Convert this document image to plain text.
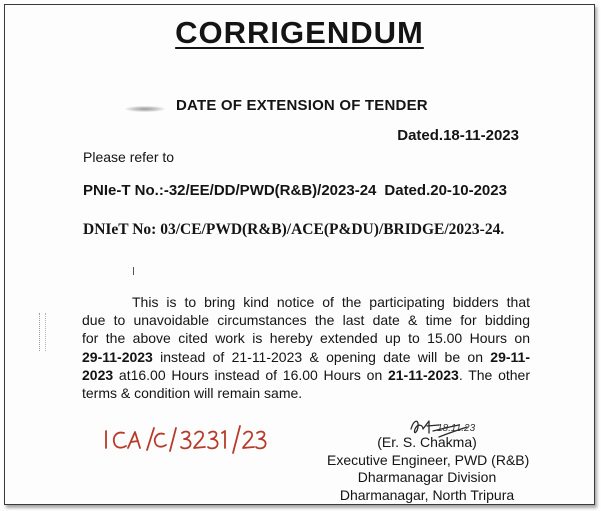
CORRIGENDUM
DATE OF EXTENSION OF TENDER
Dated.18-11-2023
Please refer to
PNIe-T No.:-32/EE/DD/PWD(R&B)/2023-24 Dated.20-10-2023
DNIeT No: 03/CE/PWD(R&B)/ACE(P&DU)/BRIDGE/2023-24.
This is to bring kind notice of the participating bidders that
due to unavoidable circumstances the last date & time for bidding
for the above cited work is hereby extended up to 15.00 Hours on
29-11-2023 instead of 21-11-2023 & opening date will be on 29-11-
2023 at16.00 Hours instead of 16.00 Hours on 21-11-2023. The other
terms & condition will remain same.
18.11.23
(Er. S. Chakma)
Executive Engineer, PWD (R&B)
Dharmanagar Division
Dharmanagar, North Tripura
